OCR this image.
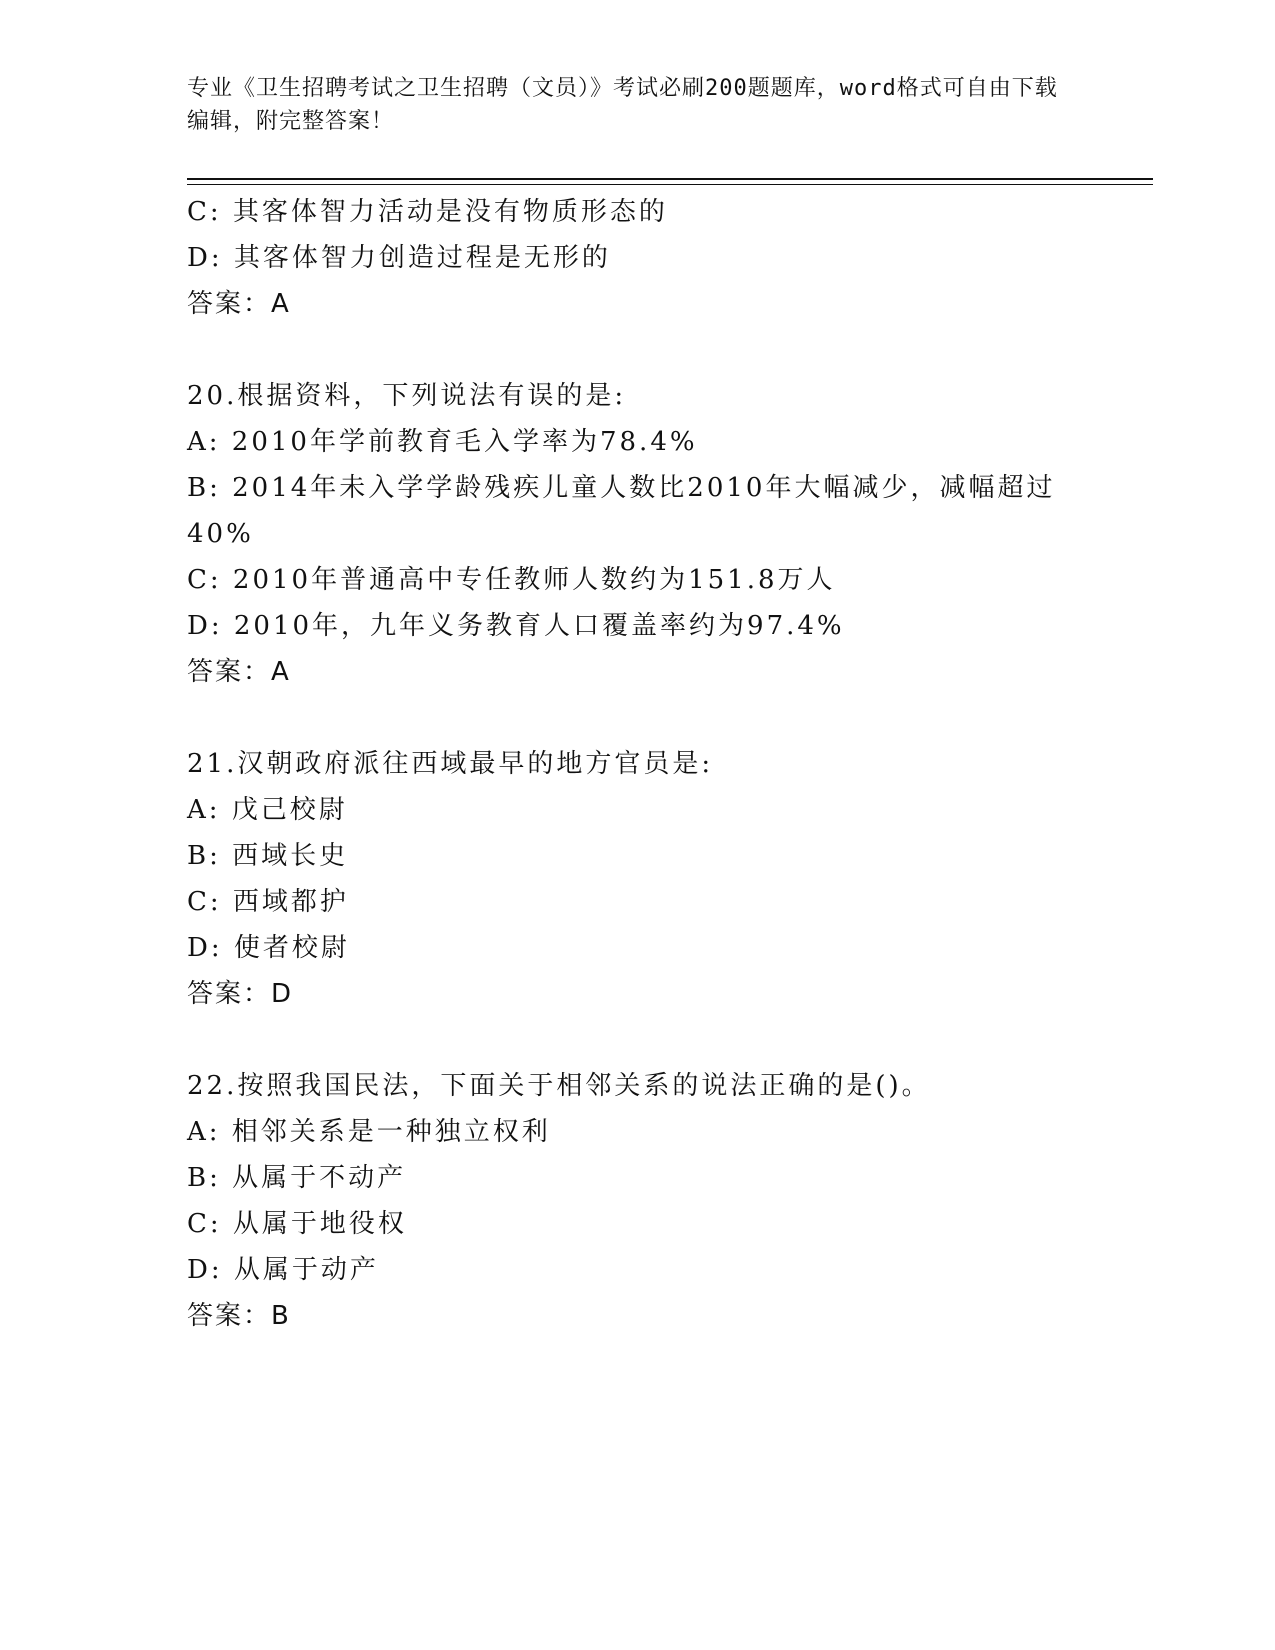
专业《卫生招聘考试之卫生招聘（文员）》考试必刷200题题库，word格式可自由下载编辑，附完整答案！
C: 其客体智力活动是没有物质形态的
D: 其客体智力创造过程是无形的
答案：A
20.根据资料，下列说法有误的是:
A: 2010年学前教育毛入学率为78.4%
B: 2014年未入学学龄残疾儿童人数比2010年大幅减少，减幅超过
40%
C: 2010年普通高中专任教师人数约为151.8万人
D: 2010年，九年义务教育人口覆盖率约为97.4%
答案：A
21.汉朝政府派往西域最早的地方官员是:
A: 戊己校尉
B: 西域长史
C: 西域都护
D: 使者校尉
答案：D
22.按照我国民法，下面关于相邻关系的说法正确的是()。
A: 相邻关系是一种独立权利
B: 从属于不动产
C: 从属于地役权
D: 从属于动产
答案：B
